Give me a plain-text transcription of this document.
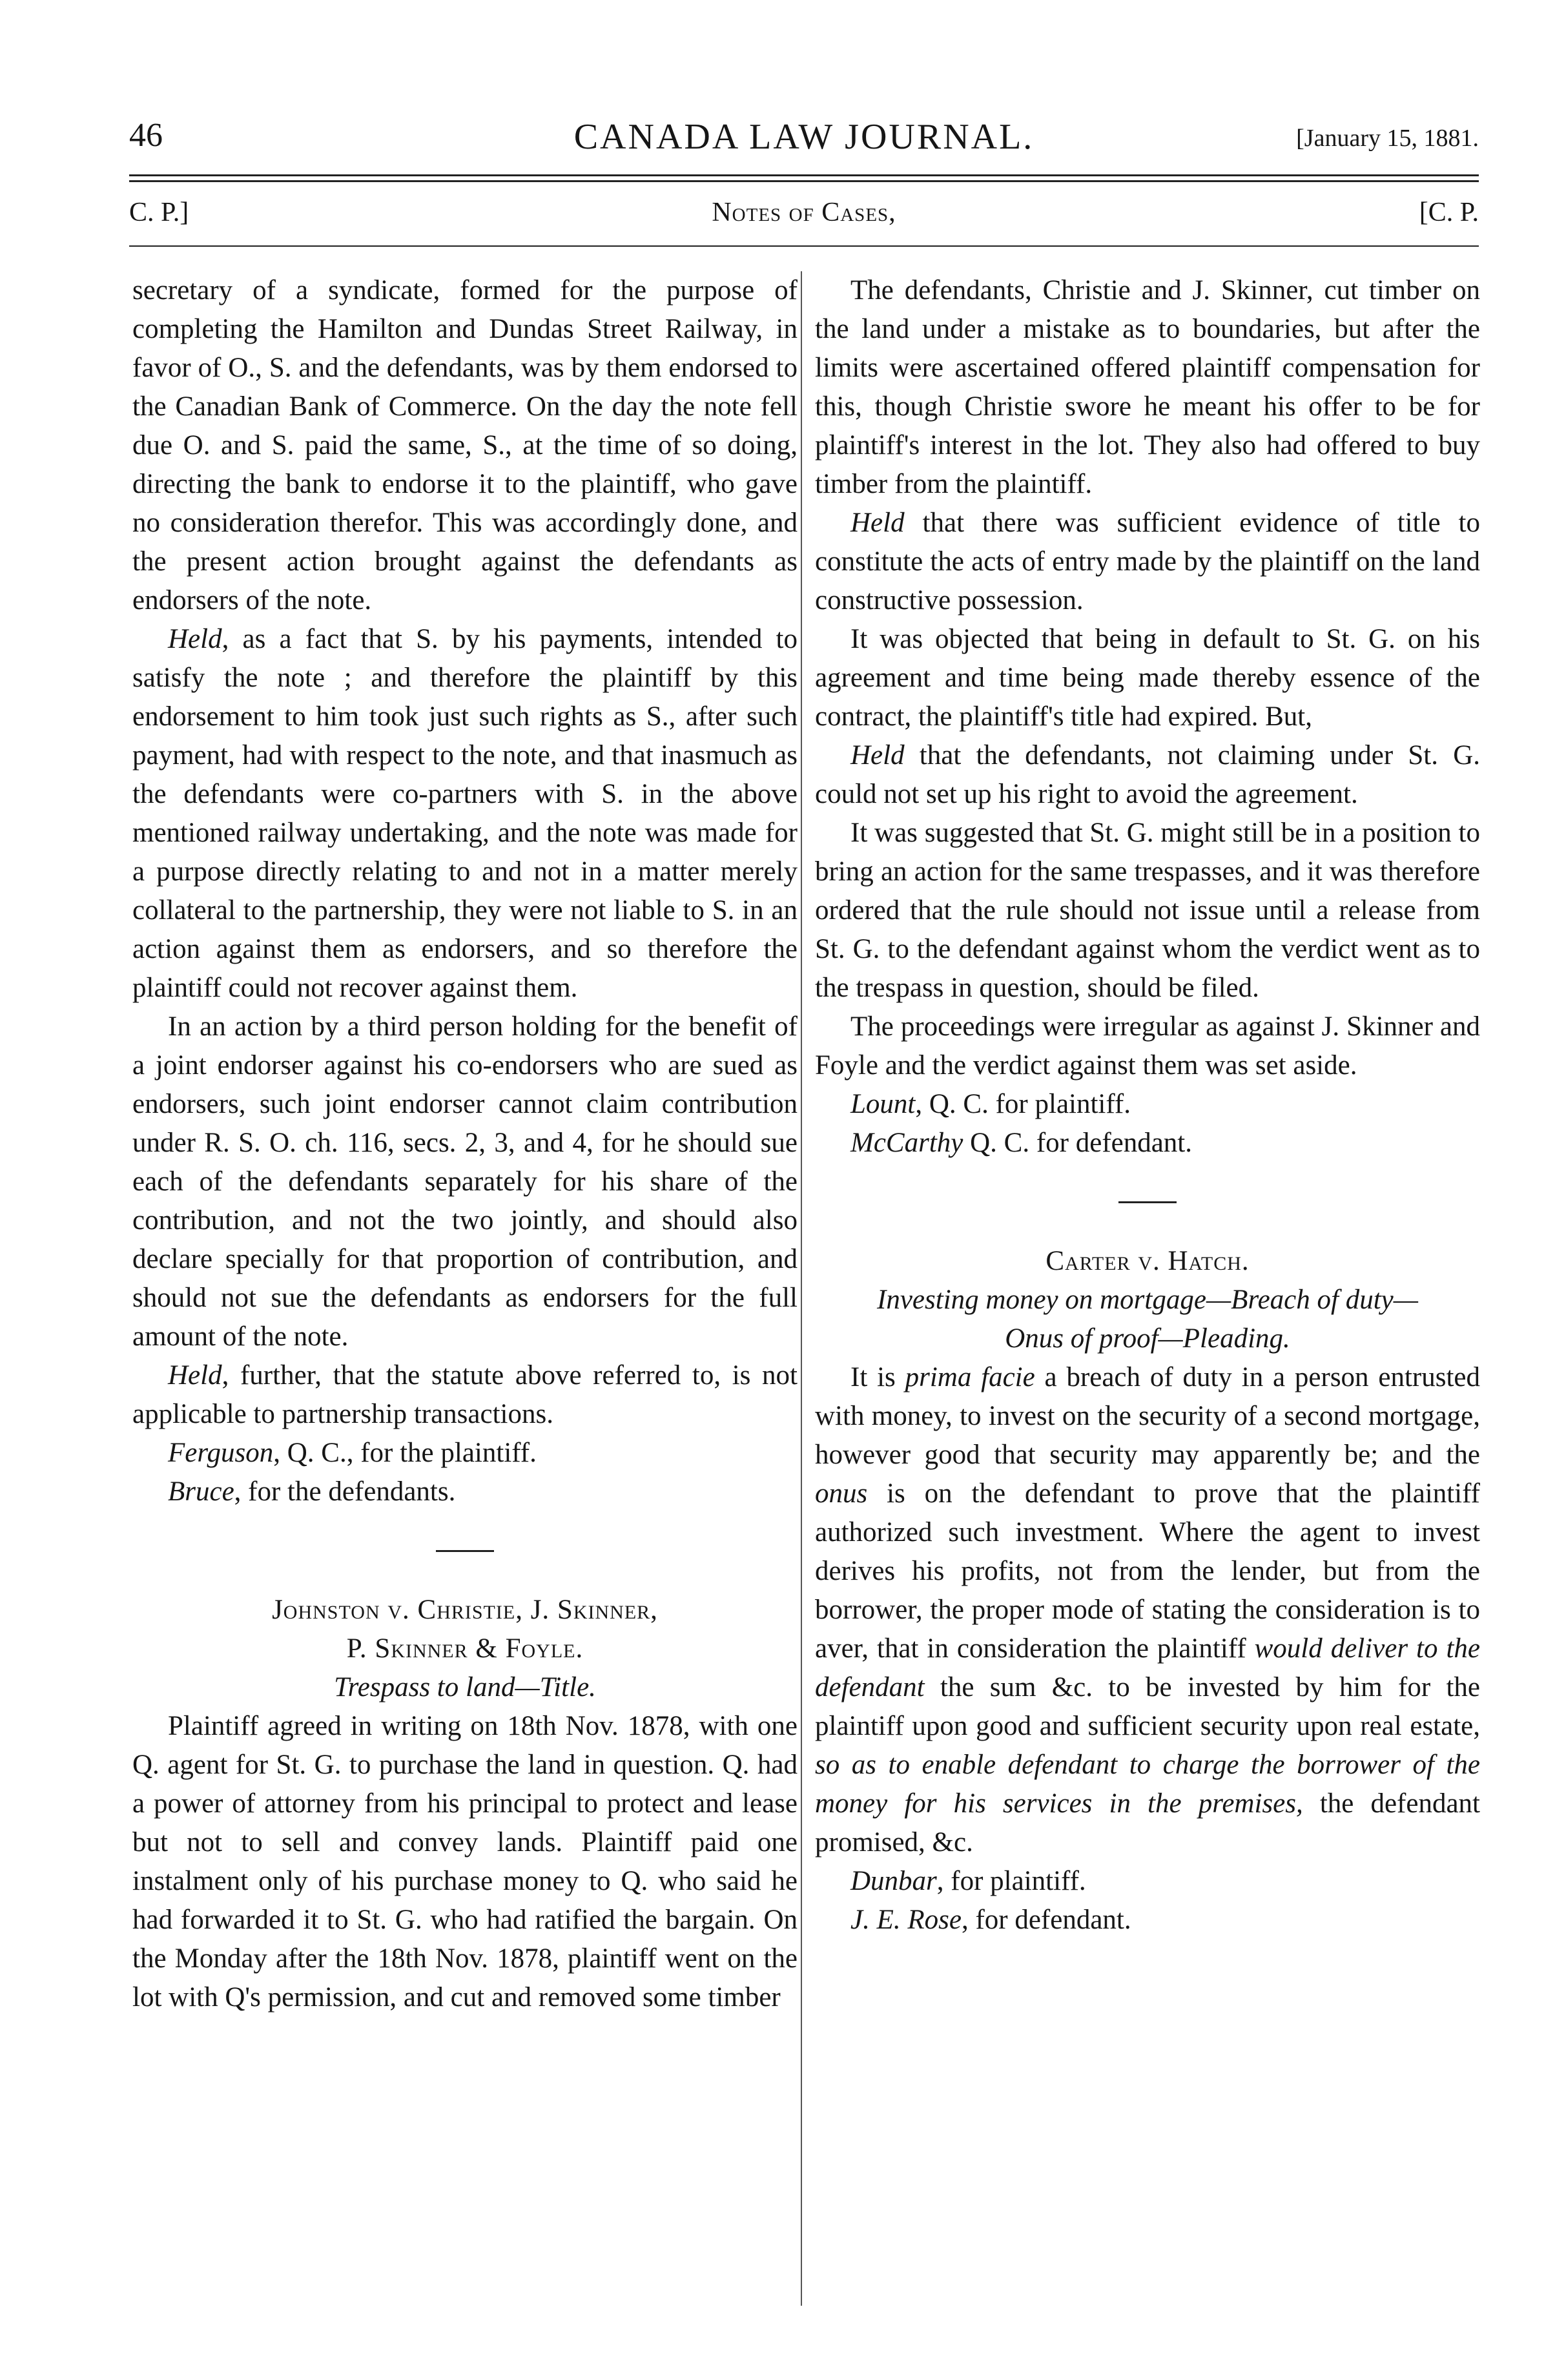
46	CANADA LAW JOURNAL.	[January 15, 1881.
C. P.]	Notes of Cases,	[C. P.

secretary of a syndicate, formed for the purpose of completing the Hamilton and Dundas Street Railway, in favor of O., S. and the defendants, was by them endorsed to the Canadian Bank of Commerce. On the day the note fell due O. and S. paid the same, S., at the time of so doing, directing the bank to endorse it to the plaintiff, who gave no consideration therefor. This was accordingly done, and the present action brought against the defendants as endorsers of the note.

Held, as a fact that S. by his payments, intended to satisfy the note ; and therefore the plaintiff by this endorsement to him took just such rights as S., after such payment, had with respect to the note, and that inasmuch as the defendants were co-partners with S. in the above mentioned railway undertaking, and the note was made for a purpose directly relating to and not in a matter merely collateral to the partnership, they were not liable to S. in an action against them as endorsers, and so therefore the plaintiff could not recover against them.

In an action by a third person holding for the benefit of a joint endorser against his co-endorsers who are sued as endorsers, such joint endorser cannot claim contribution under R. S. O. ch. 116, secs. 2, 3, and 4, for he should sue each of the defendants separately for his share of the contribution, and not the two jointly, and should also declare specially for that proportion of contribution, and should not sue the defendants as endorsers for the full amount of the note.

Held, further, that the statute above referred to, is not applicable to partnership transactions.

Ferguson, Q. C., for the plaintiff.

Bruce, for the defendants.

Johnston v. Christie, J. Skinner,

P. Skinner & Foyle.

Trespass to land—Title.

Plaintiff agreed in writing on 18th Nov. 1878, with one Q. agent for St. G. to purchase the land in question. Q. had a power of attorney from his principal to protect and lease but not to sell and convey lands. Plaintiff paid one instalment only of his purchase money to Q. who said he had forwarded it to St. G. who had ratified the bargain. On the Monday after the 18th Nov. 1878, plaintiff went on the lot with Q's permission, and cut and removed some timber

The defendants, Christie and J. Skinner, cut timber on the land under a mistake as to boundaries, but after the limits were ascertained offered plaintiff compensation for this, though Christie swore he meant his offer to be for plaintiff's interest in the lot. They also had offered to buy timber from the plaintiff.

Held that there was sufficient evidence of title to constitute the acts of entry made by the plaintiff on the land constructive possession.

It was objected that being in default to St. G. on his agreement and time being made thereby essence of the contract, the plaintiff's title had expired. But,

Held that the defendants, not claiming under St. G. could not set up his right to avoid the agreement.

It was suggested that St. G. might still be in a position to bring an action for the same trespasses, and it was therefore ordered that the rule should not issue until a release from St. G. to the defendant against whom the verdict went as to the trespass in question, should be filed.

The proceedings were irregular as against J. Skinner and Foyle and the verdict against them was set aside.

Lount, Q. C. for plaintiff.

McCarthy Q. C. for defendant.

Carter v. Hatch.

Investing money on mortgage—Breach of duty—

Onus of proof—Pleading.

It is prima facie a breach of duty in a person entrusted with money, to invest on the security of a second mortgage, however good that security may apparently be; and the onus is on the defendant to prove that the plaintiff authorized such investment. Where the agent to invest derives his profits, not from the lender, but from the borrower, the proper mode of stating the consideration is to aver, that in consideration the plaintiff would deliver to the defendant the sum &c. to be invested by him for the plaintiff upon good and sufficient security upon real estate, so as to enable defendant to charge the borrower of the money for his services in the premises, the defendant promised, &c.

Dunbar, for plaintiff.

J. E. Rose, for defendant.
